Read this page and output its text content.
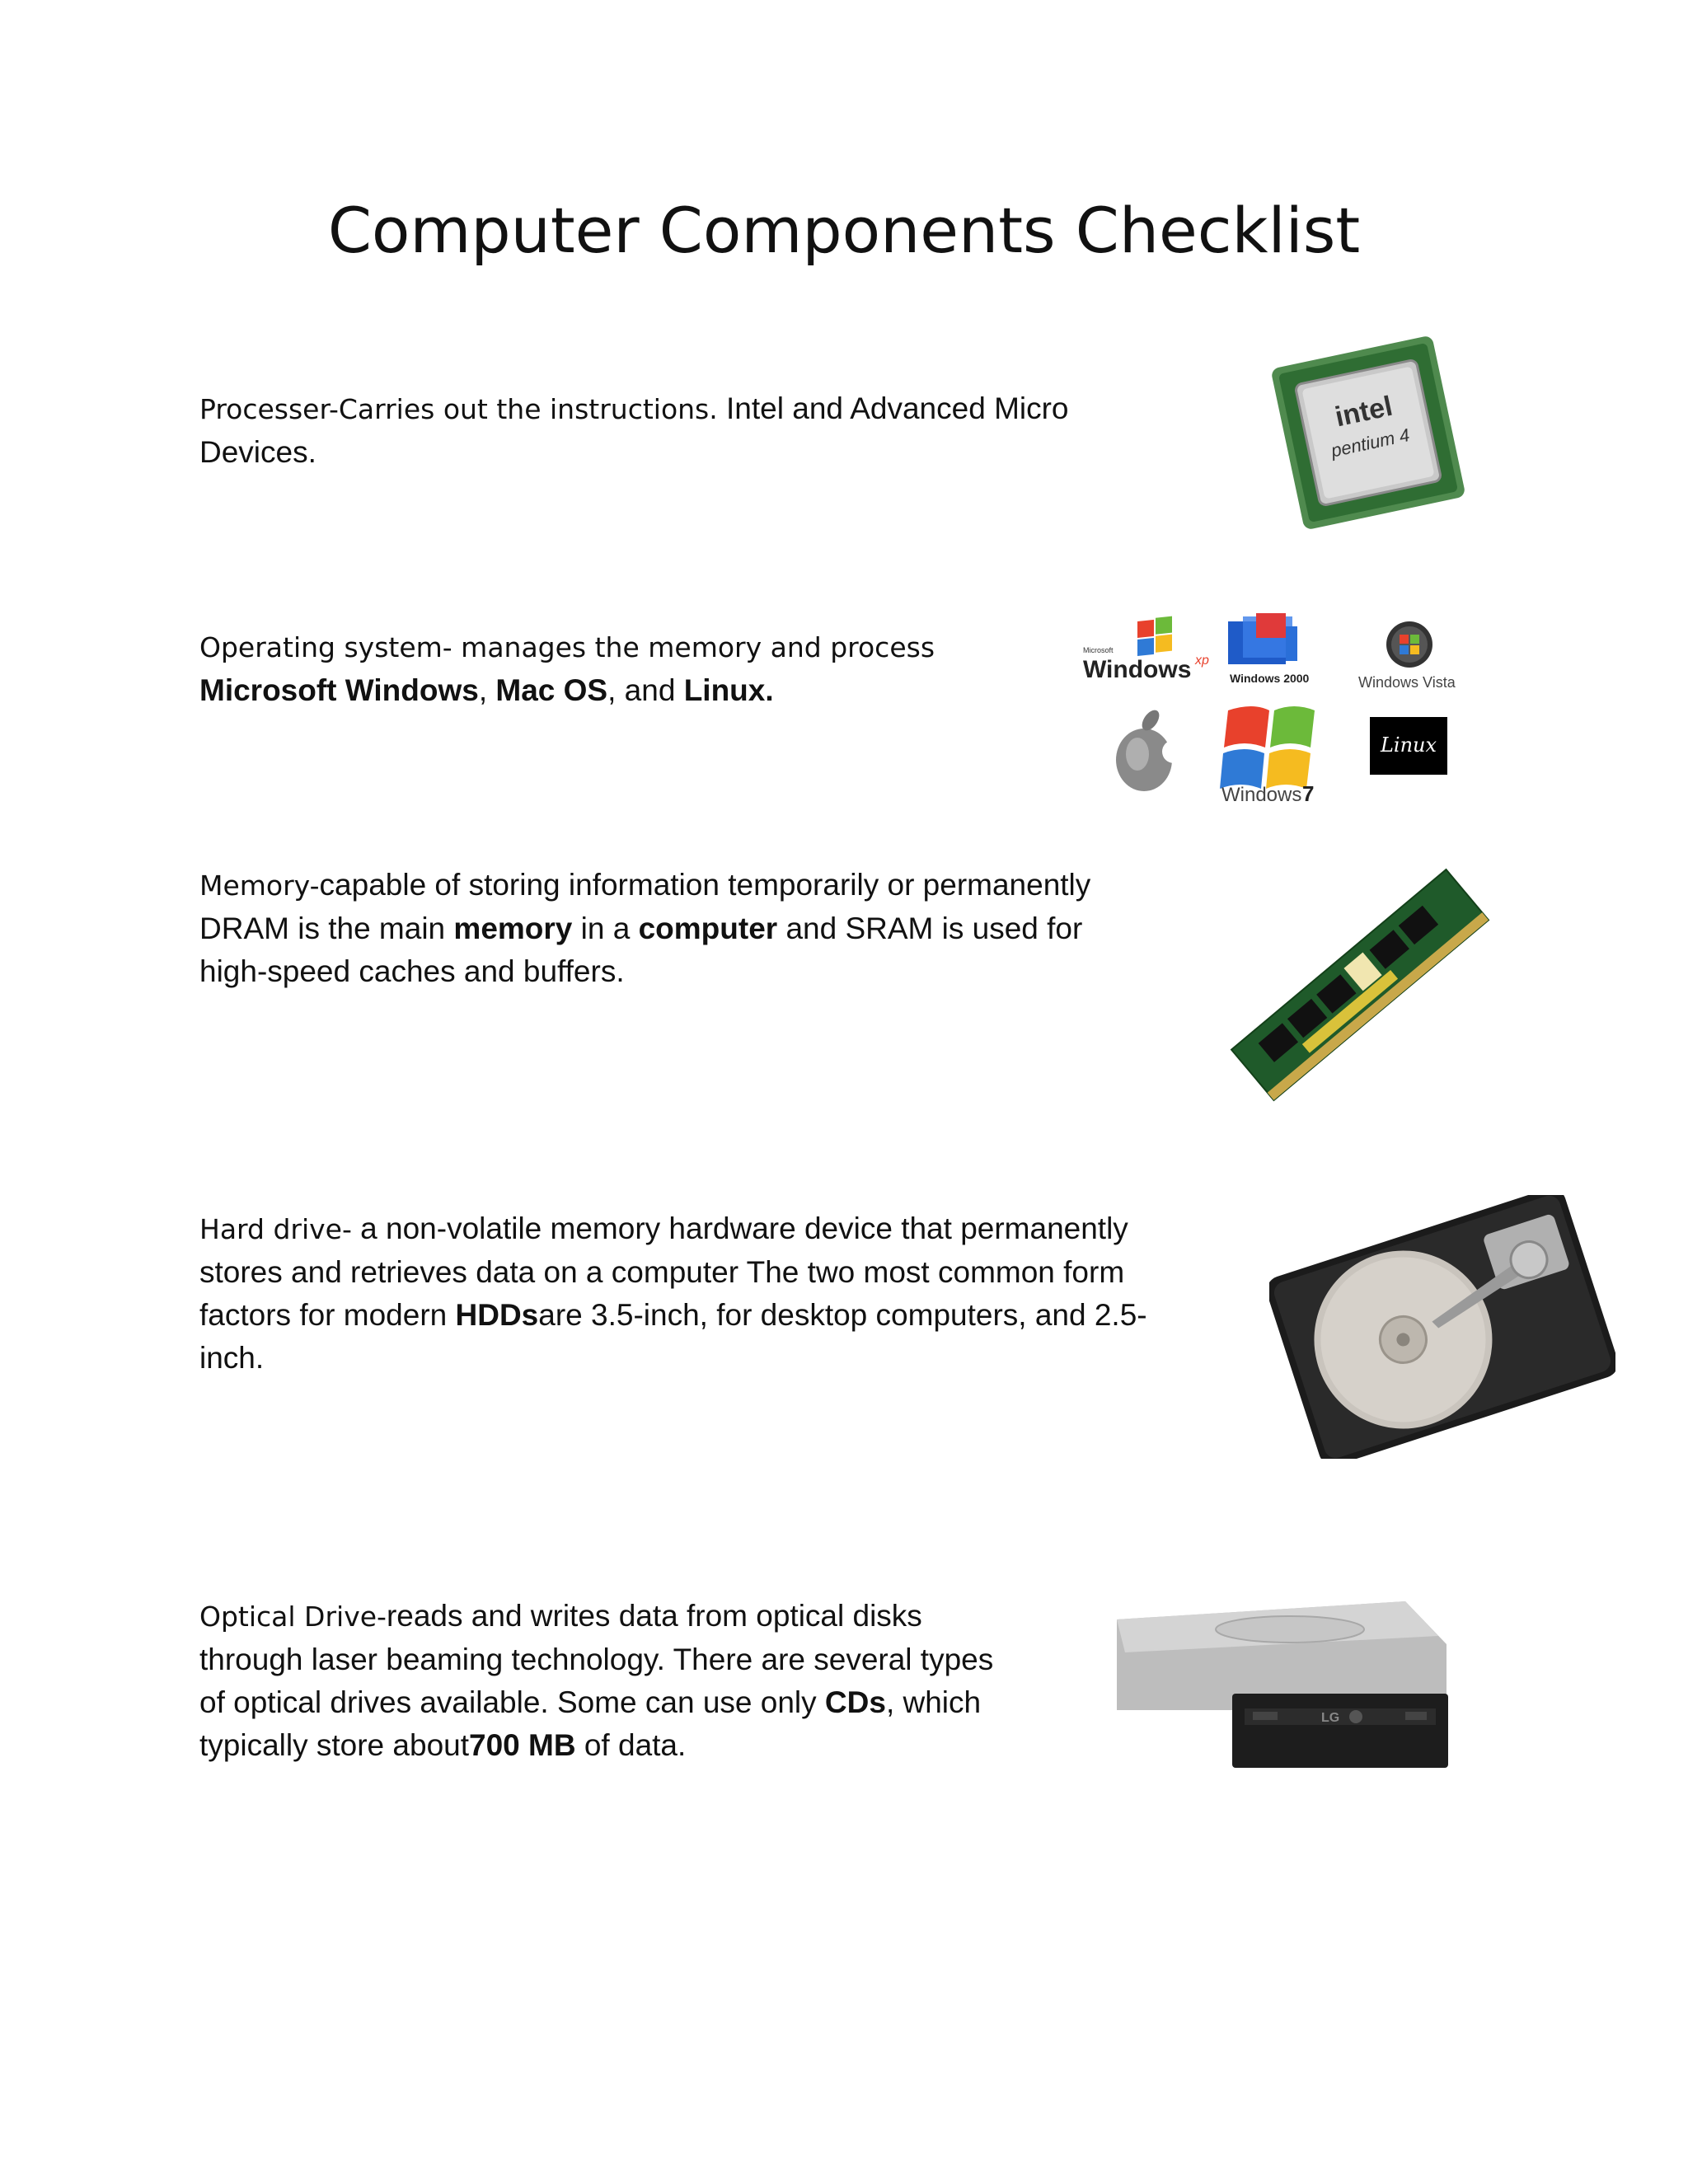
Computer Components Checklist

Processer-Carries out the instructions. Intel and Advanced Micro

Devices.

Operating system- manages the memory and process

Microsoft Windows, Mac OS, and Linux.

Memory-capable of storing information temporarily or permanently

DRAM is the main memory in a computer and SRAM is used for

high-speed caches and buffers.

Hard drive- a non-volatile memory hardware device that permanently

stores and retrieves data on a computer The two most common form

factors for modern HDDsare 3.5-inch, for desktop computers, and 2.5-

inch.

Optical Drive-reads and writes data from optical disks

through laser beaming technology. There are several types

of optical drives available. Some can use only CDs, which

typically store about700 MB of data.

intel
pentium 4
Microsoft
Windows xp
Windows 2000	Windows Vista
Windows 7
Linux
LG
